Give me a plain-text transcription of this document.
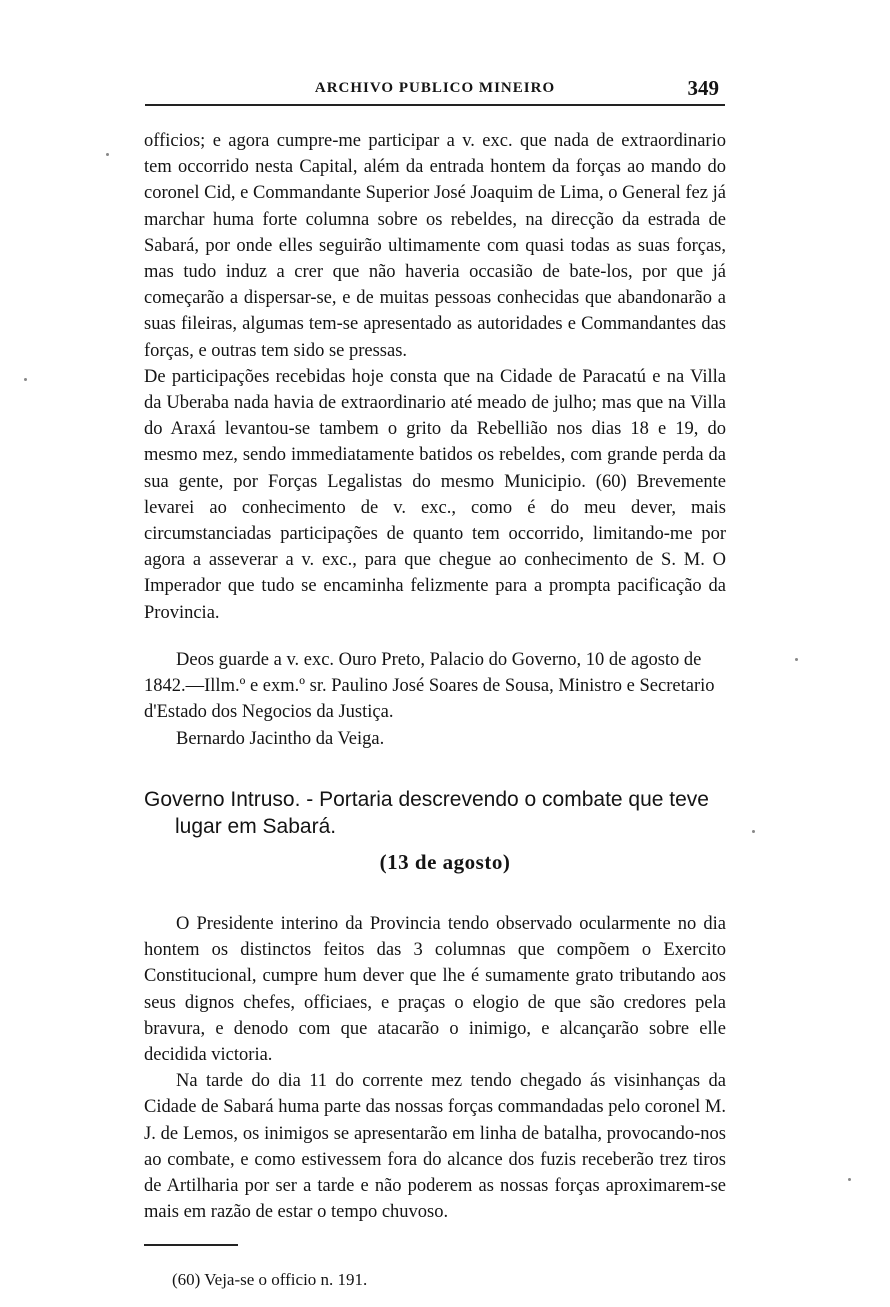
ARCHIVO PUBLICO MINEIRO	349

officios; e agora cumpre-me participar a v. exc. que nada de extraordinario tem occorrido nesta Capital, além da entrada hontem da forças ao mando do coronel Cid, e Commandante Superior José Joaquim de Lima, o General fez já marchar huma forte columna sobre os rebeldes, na direcção da estrada de Sabará, por onde elles seguirão ultimamente com quasi todas as suas forças, mas tudo induz a crer que não haveria occasião de bate-los, por que já começarão a dispersar-se, e de muitas pessoas conhecidas que abandonarão a suas fileiras, algumas tem-se apresentado as autoridades e Commandantes das forças, e outras tem sido se pressas.

De participações recebidas hoje consta que na Cidade de Paracatú e na Villa da Uberaba nada havia de extraordinario até meado de julho; mas que na Villa do Araxá levantou-se tambem o grito da Rebellião nos dias 18 e 19, do mesmo mez, sendo immediatamente batidos os rebeldes, com grande perda da sua gente, por Forças Legalistas do mesmo Municipio. (60) Brevemente levarei ao conhecimento de v. exc., como é do meu dever, mais circumstanciadas participações de quanto tem occorrido, limitando-me por agora a asseverar a v. exc., para que chegue ao conhecimento de S. M. O Imperador que tudo se encaminha felizmente para a prompta pacificação da Provincia.

Deos guarde a v. exc. Ouro Preto, Palacio do Governo, 10 de agosto de 1842.—Illm.º e exm.º sr. Paulino José Soares de Sousa, Ministro e Secretario d'Estado dos Negocios da Justiça.

Bernardo Jacintho da Veiga.

Governo Intruso. - Portaria descrevendo o combate que teve
lugar em Sabará.
(13 de agosto)

O Presidente interino da Provincia tendo observado ocularmente no dia hontem os distinctos feitos das 3 columnas que compõem o Exercito Constitucional, cumpre hum dever que lhe é sumamente grato tributando aos seus dignos chefes, officiaes, e praças o elogio de que são credores pela bravura, e denodo com que atacarão o inimigo, e alcançarão sobre elle decidida victoria.

Na tarde do dia 11 do corrente mez tendo chegado ás visinhanças da Cidade de Sabará huma parte das nossas forças commandadas pelo coronel M. J. de Lemos, os inimigos se apresentarão em linha de batalha, provocando-nos ao combate, e como estivessem fora do alcance dos fuzis receberão trez tiros de Artilharia por ser a tarde e não poderem as nossas forças aproximarem-se mais em razão de estar o tempo chuvoso.

(60) Veja-se o officio n. 191.
